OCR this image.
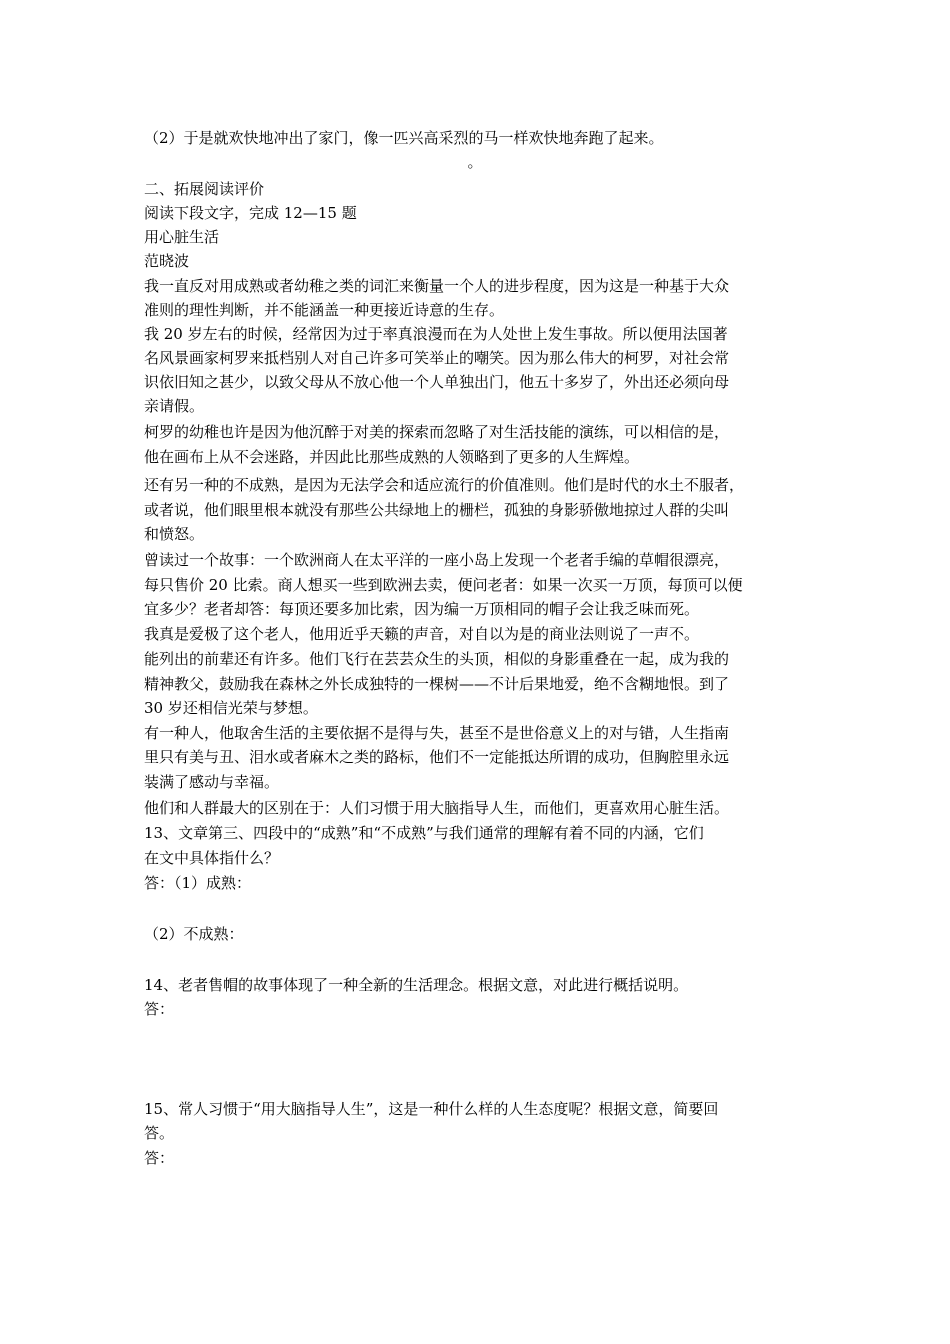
（2）于是就欢快地冲出了家门，像一匹兴高采烈的马一样欢快地奔跑了起来。
。
二、拓展阅读评价
阅读下段文字，完成 12—15 题
用心脏生活
范晓波
我一直反对用成熟或者幼稚之类的词汇来衡量一个人的进步程度，因为这是一种基于大众
准则的理性判断，并不能涵盖一种更接近诗意的生存。
我 20 岁左右的时候，经常因为过于率真浪漫而在为人处世上发生事故。所以便用法国著
名风景画家柯罗来抵档别人对自己许多可笑举止的嘲笑。因为那么伟大的柯罗，对社会常
识依旧知之甚少，以致父母从不放心他一个人单独出门，他五十多岁了，外出还必须向母
亲请假。
柯罗的幼稚也许是因为他沉醉于对美的探索而忽略了对生活技能的演练，可以相信的是，
他在画布上从不会迷路，并因此比那些成熟的人领略到了更多的人生辉煌。
还有另一种的不成熟，是因为无法学会和适应流行的价值准则。他们是时代的水土不服者，
或者说，他们眼里根本就没有那些公共绿地上的栅栏，孤独的身影骄傲地掠过人群的尖叫
和愤怒。
曾读过一个故事：一个欧洲商人在太平洋的一座小岛上发现一个老者手编的草帽很漂亮，
每只售价 20 比索。商人想买一些到欧洲去卖，便问老者：如果一次买一万顶，每顶可以便
宜多少？老者却答：每顶还要多加比索，因为编一万顶相同的帽子会让我乏味而死。
我真是爱极了这个老人，他用近乎天籁的声音，对自以为是的商业法则说了一声不。
能列出的前辈还有许多。他们飞行在芸芸众生的头顶，相似的身影重叠在一起，成为我的
精神教父，鼓励我在森林之外长成独特的一棵树——不计后果地爱，绝不含糊地恨。到了
30 岁还相信光荣与梦想。
有一种人，他取舍生活的主要依据不是得与失，甚至不是世俗意义上的对与错，人生指南
里只有美与丑、泪水或者麻木之类的路标，他们不一定能抵达所谓的成功，但胸腔里永远
装满了感动与幸福。
他们和人群最大的区别在于：人们习惯于用大脑指导人生，而他们，更喜欢用心脏生活。
13、文章第三、四段中的“成熟”和“不成熟”与我们通常的理解有着不同的内涵，它们
在文中具体指什么？
答：（1）成熟：
（2）不成熟：
14、老者售帽的故事体现了一种全新的生活理念。根据文意，对此进行概括说明。
答：
15、常人习惯于“用大脑指导人生”，这是一种什么样的人生态度呢？根据文意，简要回
答。
答：
